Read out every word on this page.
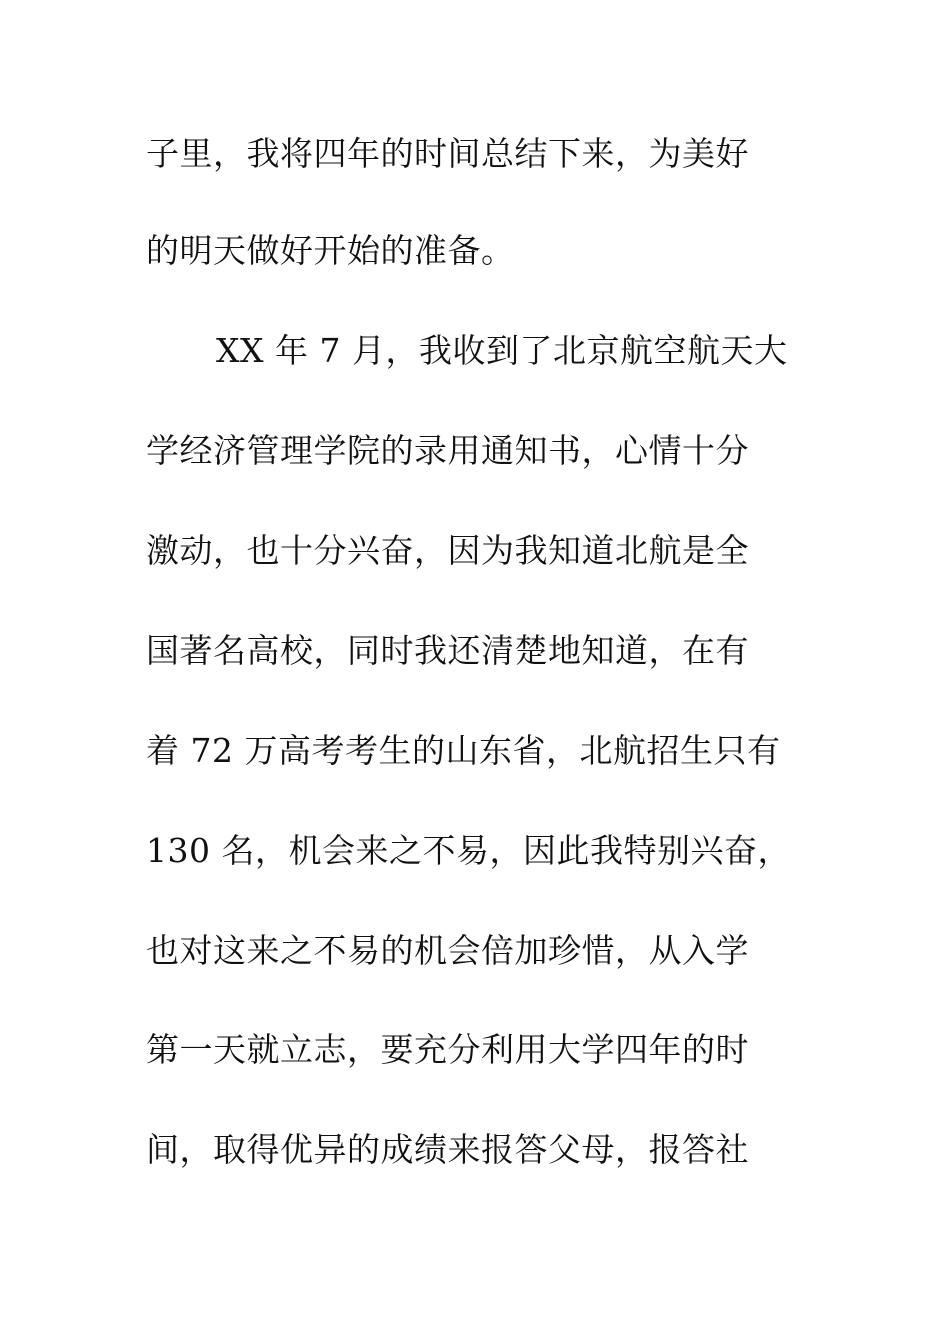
子里，我将四年的时间总结下来，为美好
的明天做好开始的准备。
XX 年 7 月，我收到了北京航空航天大
学经济管理学院的录用通知书，心情十分
激动，也十分兴奋，因为我知道北航是全
国著名高校，同时我还清楚地知道，在有
着 72 万高考考生的山东省，北航招生只有
130 名，机会来之不易，因此我特别兴奋，
也对这来之不易的机会倍加珍惜，从入学
第一天就立志，要充分利用大学四年的时
间，取得优异的成绩来报答父母，报答社
